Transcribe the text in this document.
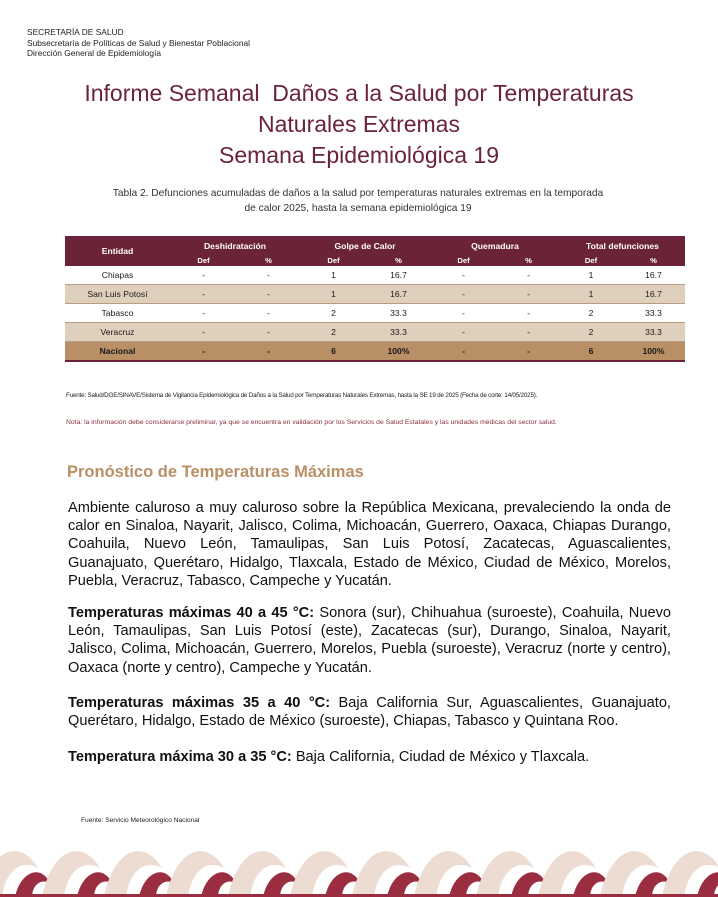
SECRETARÍA DE SALUD
Subsecretaría de Políticas de Salud y Bienestar Poblacional
Dirección General de Epidemiología
Informe Semanal  Daños a la Salud por Temperaturas
Naturales Extremas
Semana Epidemiológica 19
Tabla 2. Defunciones acumuladas de daños a la salud por temperaturas naturales extremas en la temporada
de calor 2025, hasta la semana epidemiológica 19
Entidad	Deshidratación		Golpe de Calor		Quemadura		Total defunciones	
	Def	%	Def	%	Def	%	Def	%
Chiapas	-	-	1	16.7	-	-	1	16.7
San Luis Potosí	-	-	1	16.7	-	-	1	16.7
Tabasco	-	-	2	33.3	-	-	2	33.3
Veracruz	-	-	2	33.3	-	-	2	33.3
Nacional	-	-	6	100%	-	-	6	100%
Fuente: Salud/DGE/SINAVE/Sistema de Vigilancia Epidemiológica de Daños a la Salud por Temperaturas Naturales Extremas, hasta la SE 19 de 2025 (Fecha de corte: 14/05/2025).
Nota: la información debe considerarse preliminar, ya que se encuentra en validación por los Servicios de Salud Estatales y las unidades médicas del sector salud.
Pronóstico de Temperaturas Máximas
Ambiente caluroso a muy caluroso sobre la República Mexicana, prevaleciendo la onda de calor en Sinaloa, Nayarit, Jalisco, Colima, Michoacán, Guerrero, Oaxaca, Chiapas Durango, Coahuila, Nuevo León, Tamaulipas, San Luis Potosí, Zacatecas, Aguascalientes, Guanajuato, Querétaro, Hidalgo, Tlaxcala, Estado de México, Ciudad de México, Morelos, Puebla, Veracruz, Tabasco, Campeche y Yucatán.
Temperaturas máximas 40 a 45 °C: Sonora (sur), Chihuahua (suroeste), Coahuila, Nuevo León, Tamaulipas, San Luis Potosí (este), Zacatecas (sur), Durango, Sinaloa, Nayarit, Jalisco, Colima, Michoacán, Guerrero, Morelos, Puebla (suroeste), Veracruz (norte y centro), Oaxaca (norte y centro), Campeche y Yucatán.
Temperaturas máximas 35 a 40 °C: Baja California Sur, Aguascalientes, Guanajuato, Querétaro, Hidalgo, Estado de México (suroeste), Chiapas, Tabasco y Quintana Roo.
Temperatura máxima 30 a 35 °C: Baja California, Ciudad de México y Tlaxcala.
Fuente: Servicio Meteorológico Nacional
